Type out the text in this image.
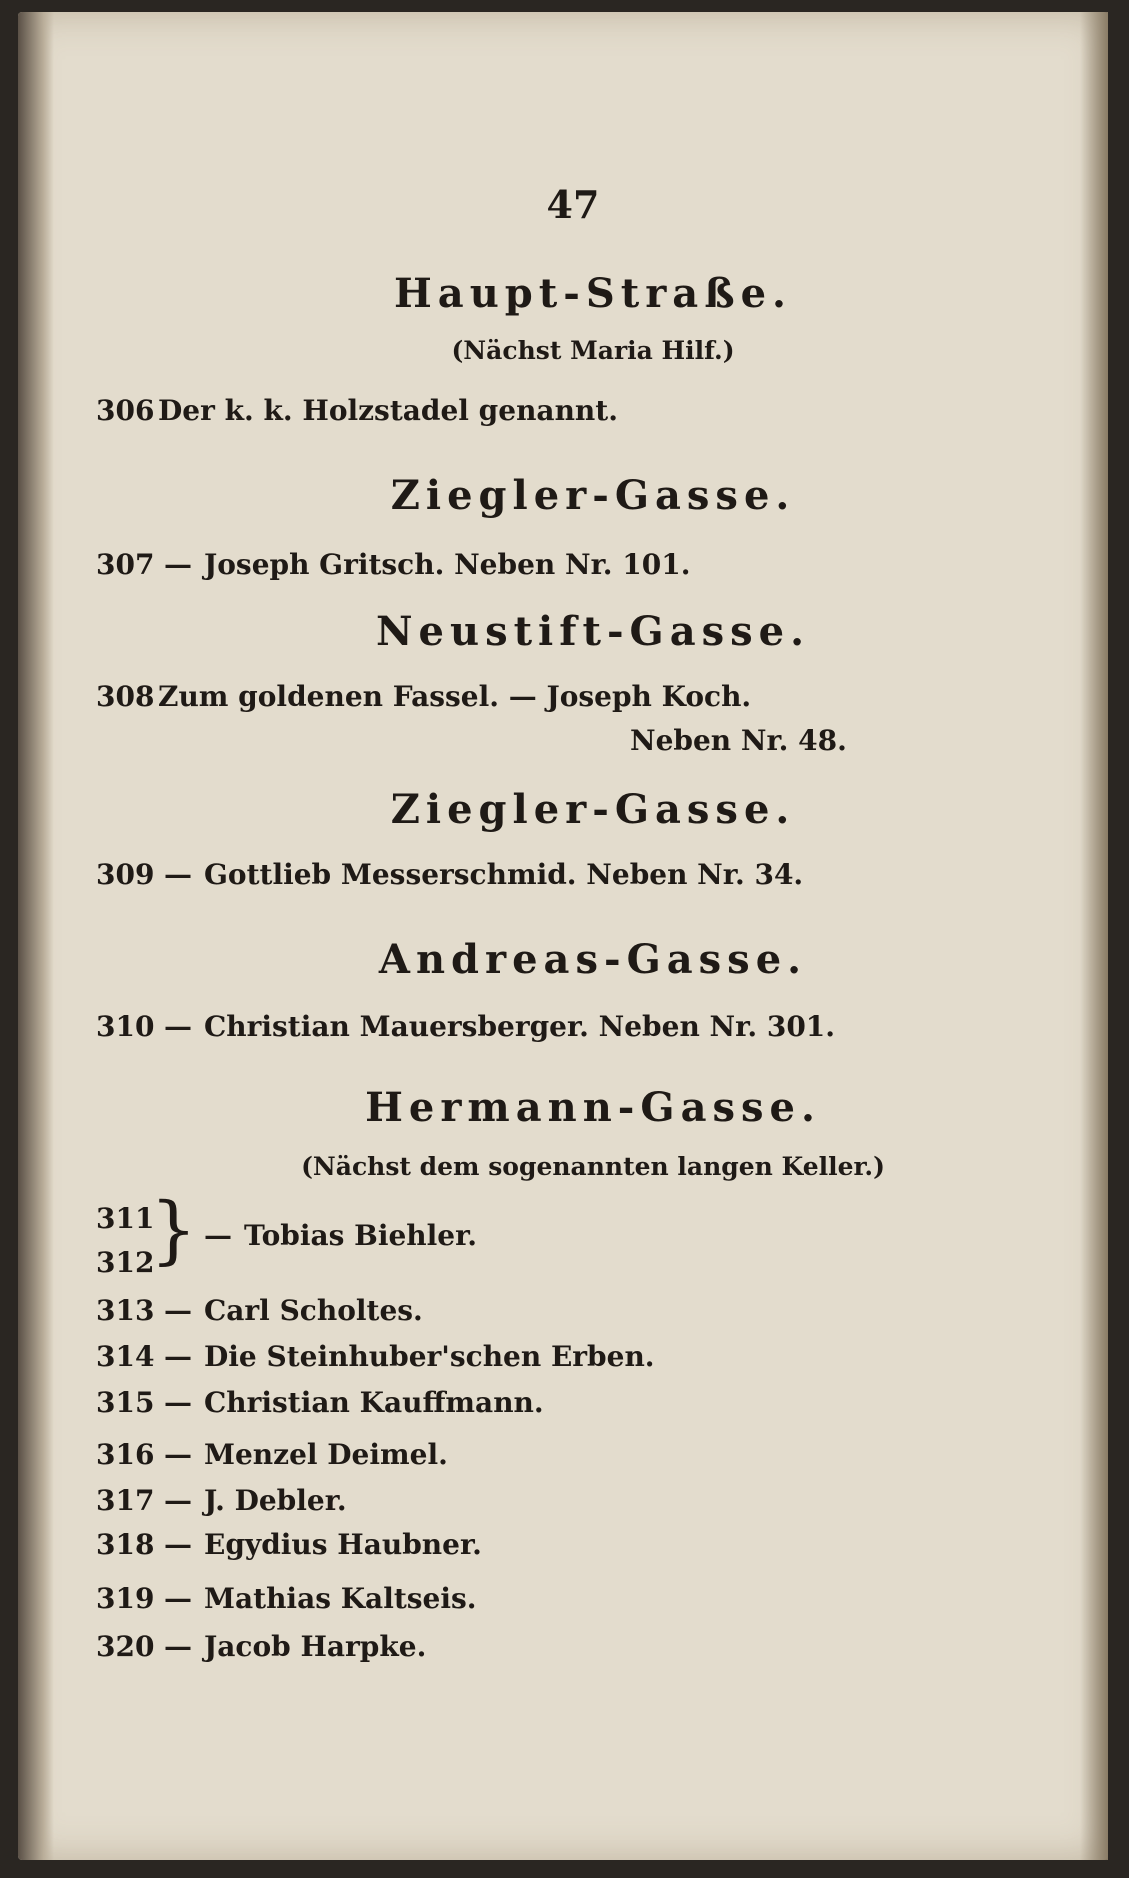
47
Haupt-Straße.
(Nächst Maria Hilf.)
306 Der k. k. Holzstadel genannt.
Ziegler-Gasse.
307 — Joseph Gritsch. Neben Nr. 101.
Neustift-Gasse.
308 Zum goldenen Fassel. — Joseph Koch.
Neben Nr. 48.
Ziegler-Gasse.
309 — Gottlieb Messerschmid. Neben Nr. 34.
Andreas-Gasse.
310 — Christian Mauersberger. Neben Nr. 301.
Hermann-Gasse.
(Nächst dem sogenannten langen Keller.)
311
312
} — Tobias Biehler.
313 — Carl Scholtes.
314 — Die Steinhuber'schen Erben.
315 — Christian Kauffmann.
316 — Menzel Deimel.
317 — J. Debler.
318 — Egydius Haubner.
319 — Mathias Kaltseis.
320 — Jacob Harpke.
